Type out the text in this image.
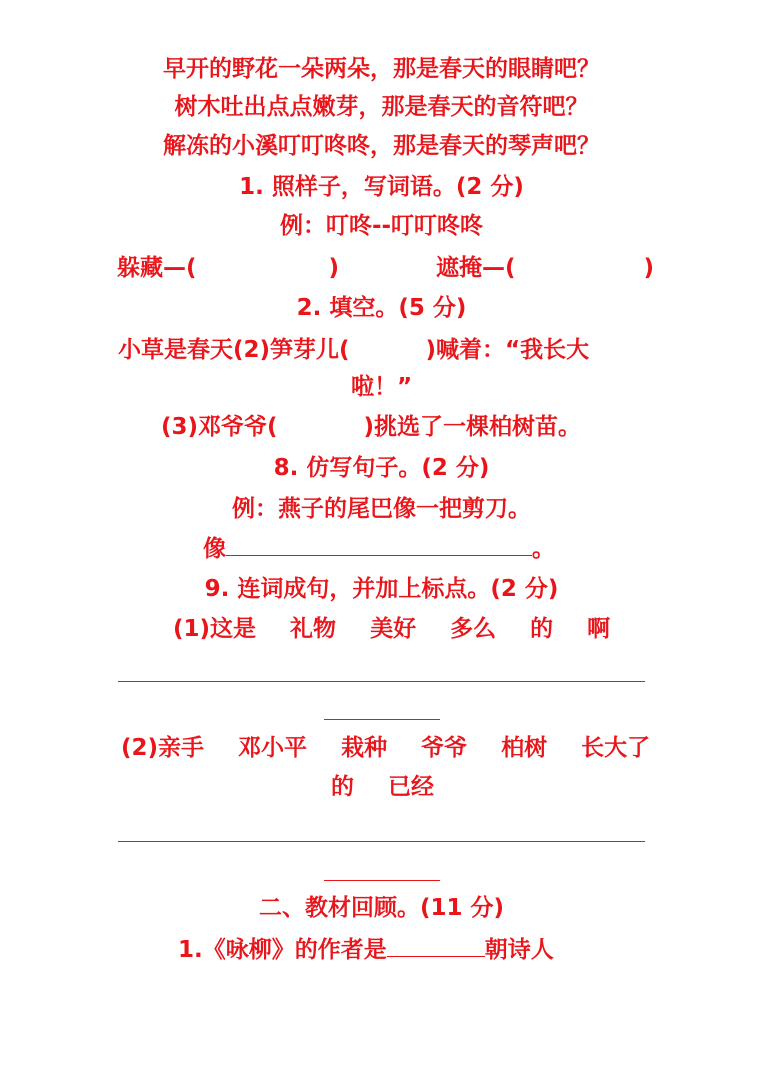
早开的野花一朵两朵，那是春天的眼睛吧？
树木吐出点点嫩芽，那是春天的音符吧？
解冻的小溪叮叮咚咚，那是春天的琴声吧？
1. 照样子，写词语。(2 分)
例：叮咚--叮叮咚咚
躲藏—(	)	遮掩—(	)
2. 填空。(5 分)
小草是春天(2)笋芽儿(	)喊着：“我长大
啦！”
(3)邓爷爷(	)挑选了一棵柏树苗。
8. 仿写句子。(2 分)
例：燕子的尾巴像一把剪刀。
像	。
9. 连词成句，并加上标点。(2 分)
(1)这是 礼物 美好 多么 的 啊
(2)亲手 邓小平 栽种 爷爷 柏树 长大了
的 已经
二、教材回顾。(11 分)
1.《咏柳》的作者是	朝诗人
